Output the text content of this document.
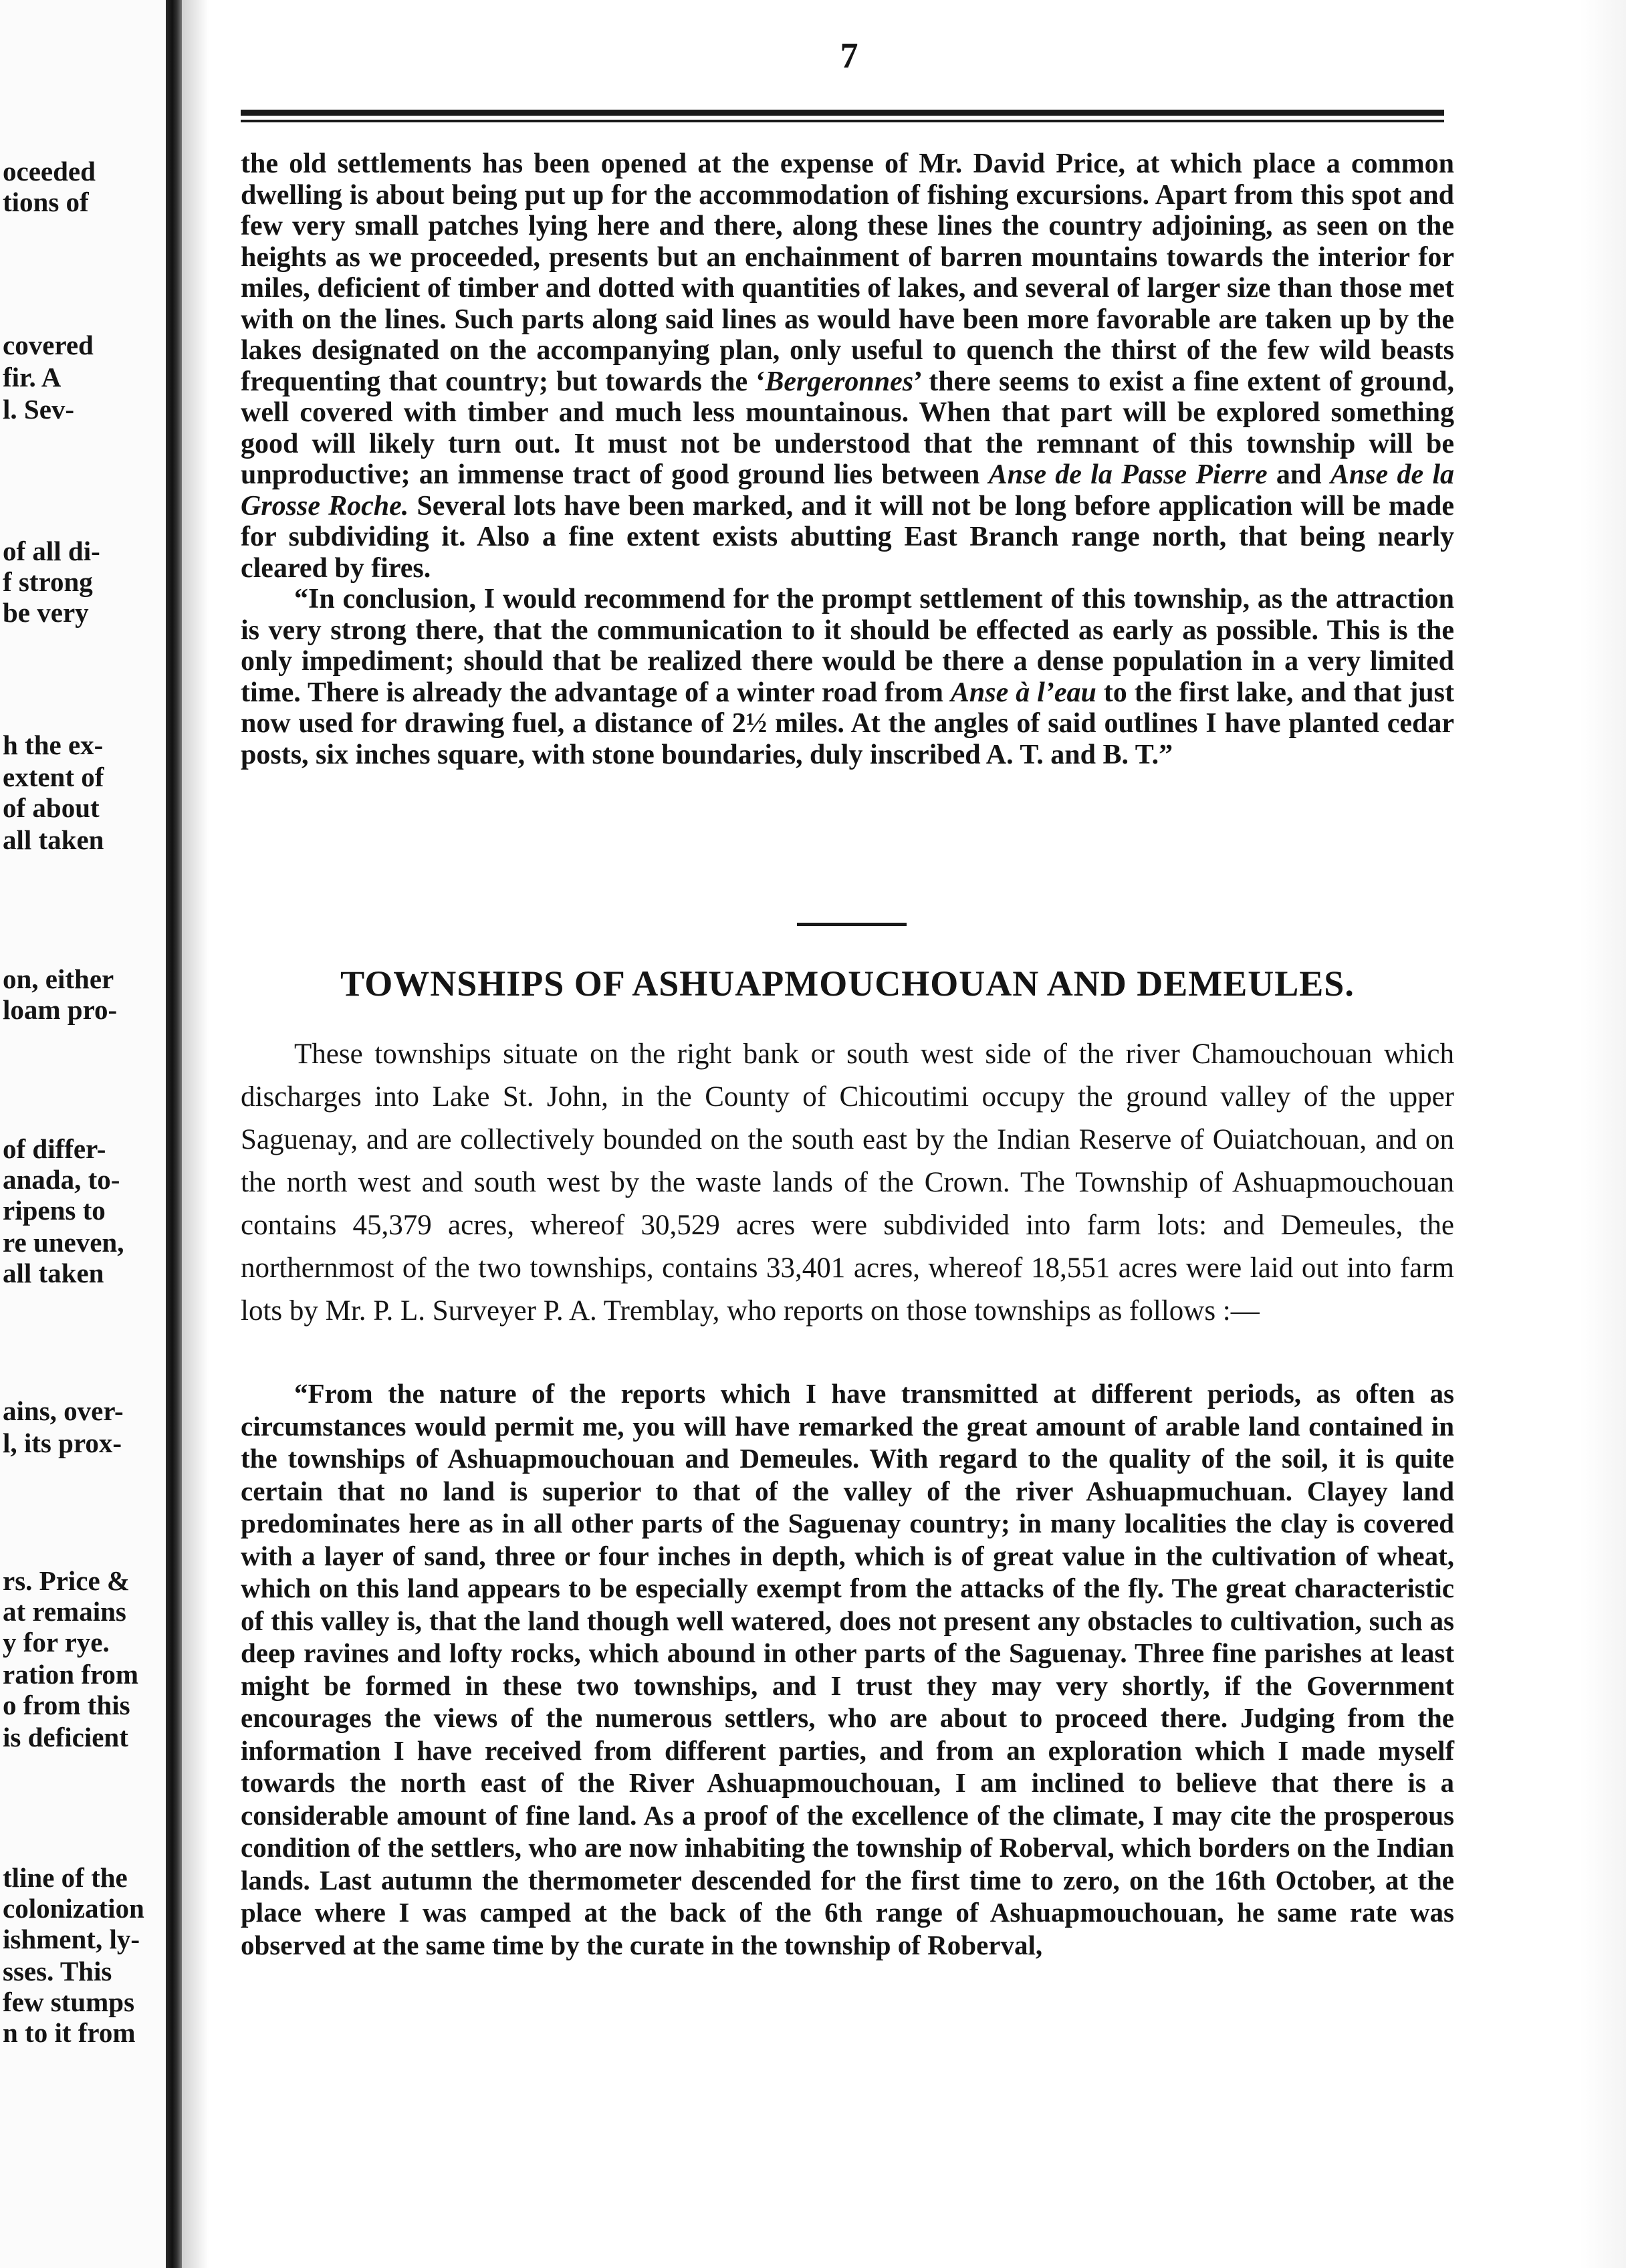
oceeded
tions of
covered
fir. A
l. Sev-
of all di-
f strong
be very
h the ex-
extent of
of about
all taken
on, either
loam pro-
of differ-
anada, to-
ripens to
re uneven,
all taken
ains, over-
l, its prox-
rs. Price &
at remains
y for rye.
ration from
o from this
is deficient
tline of the
colonization
ishment, ly-
sses. This
few stumps
n to it from
7

the old settlements has been opened at the expense of Mr. David Price, at which place a common dwelling is about being put up for the accommodation of fishing excursions. Apart from this spot and few very small patches lying here and there, along these lines the country adjoining, as seen on the heights as we proceeded, presents but an enchainment of barren mountains towards the interior for miles, deficient of timber and dotted with quantities of lakes, and several of larger size than those met with on the lines. Such parts along said lines as would have been more favorable are taken up by the lakes designated on the accompanying plan, only useful to quench the thirst of the few wild beasts frequenting that country; but towards the ‘Bergeronnes’ there seems to exist a fine extent of ground, well covered with timber and much less mountainous. When that part will be explored something good will likely turn out. It must not be understood that the remnant of this township will be unproductive; an immense tract of good ground lies between Anse de la Passe Pierre and Anse de la Grosse Roche. Several lots have been marked, and it will not be long before application will be made for subdividing it. Also a fine extent exists abutting East Branch range north, that being nearly cleared by fires.

“In conclusion, I would recommend for the prompt settlement of this township, as the attraction is very strong there, that the communication to it should be effected as early as possible. This is the only impediment; should that be realized there would be there a dense population in a very limited time. There is already the advantage of a winter road from Anse à l’eau to the first lake, and that just now used for drawing fuel, a distance of 2½ miles. At the angles of said outlines I have planted cedar posts, six inches square, with stone boundaries, duly inscribed A. T. and B. T.”

TOWNSHIPS OF ASHUAPMOUCHOUAN AND DEMEULES.

These townships situate on the right bank or south west side of the river Chamouchouan which discharges into Lake St. John, in the County of Chicoutimi occupy the ground valley of the upper Saguenay, and are collectively bounded on the south east by the Indian Reserve of Ouiatchouan, and on the north west and south west by the waste lands of the Crown. The Township of Ashuapmouchouan contains 45,379 acres, whereof 30,529 acres were subdivided into farm lots: and Demeules, the northernmost of the two townships, contains 33,401 acres, whereof 18,551 acres were laid out into farm lots by Mr. P. L. Surveyer P. A. Tremblay, who reports on those townships as follows :—

“From the nature of the reports which I have transmitted at different periods, as often as circumstances would permit me, you will have remarked the great amount of arable land contained in the townships of Ashuapmouchouan and Demeules. With regard to the quality of the soil, it is quite certain that no land is superior to that of the valley of the river Ashuapmuchuan. Clayey land predominates here as in all other parts of the Saguenay country; in many localities the clay is covered with a layer of sand, three or four inches in depth, which is of great value in the cultivation of wheat, which on this land appears to be especially exempt from the attacks of the fly. The great characteristic of this valley is, that the land though well watered, does not present any obstacles to cultivation, such as deep ravines and lofty rocks, which abound in other parts of the Saguenay. Three fine parishes at least might be formed in these two townships, and I trust they may very shortly, if the Government encourages the views of the numerous settlers, who are about to proceed there. Judging from the information I have received from different parties, and from an exploration which I made myself towards the north east of the River Ashuapmouchouan, I am inclined to believe that there is a considerable amount of fine land. As a proof of the excellence of the climate, I may cite the prosperous condition of the settlers, who are now inhabiting the township of Roberval, which borders on the Indian lands. Last autumn the thermometer descended for the first time to zero, on the 16th October, at the place where I was camped at the back of the 6th range of Ashuapmouchouan, he same rate was observed at the same time by the curate in the township of Roberval,
